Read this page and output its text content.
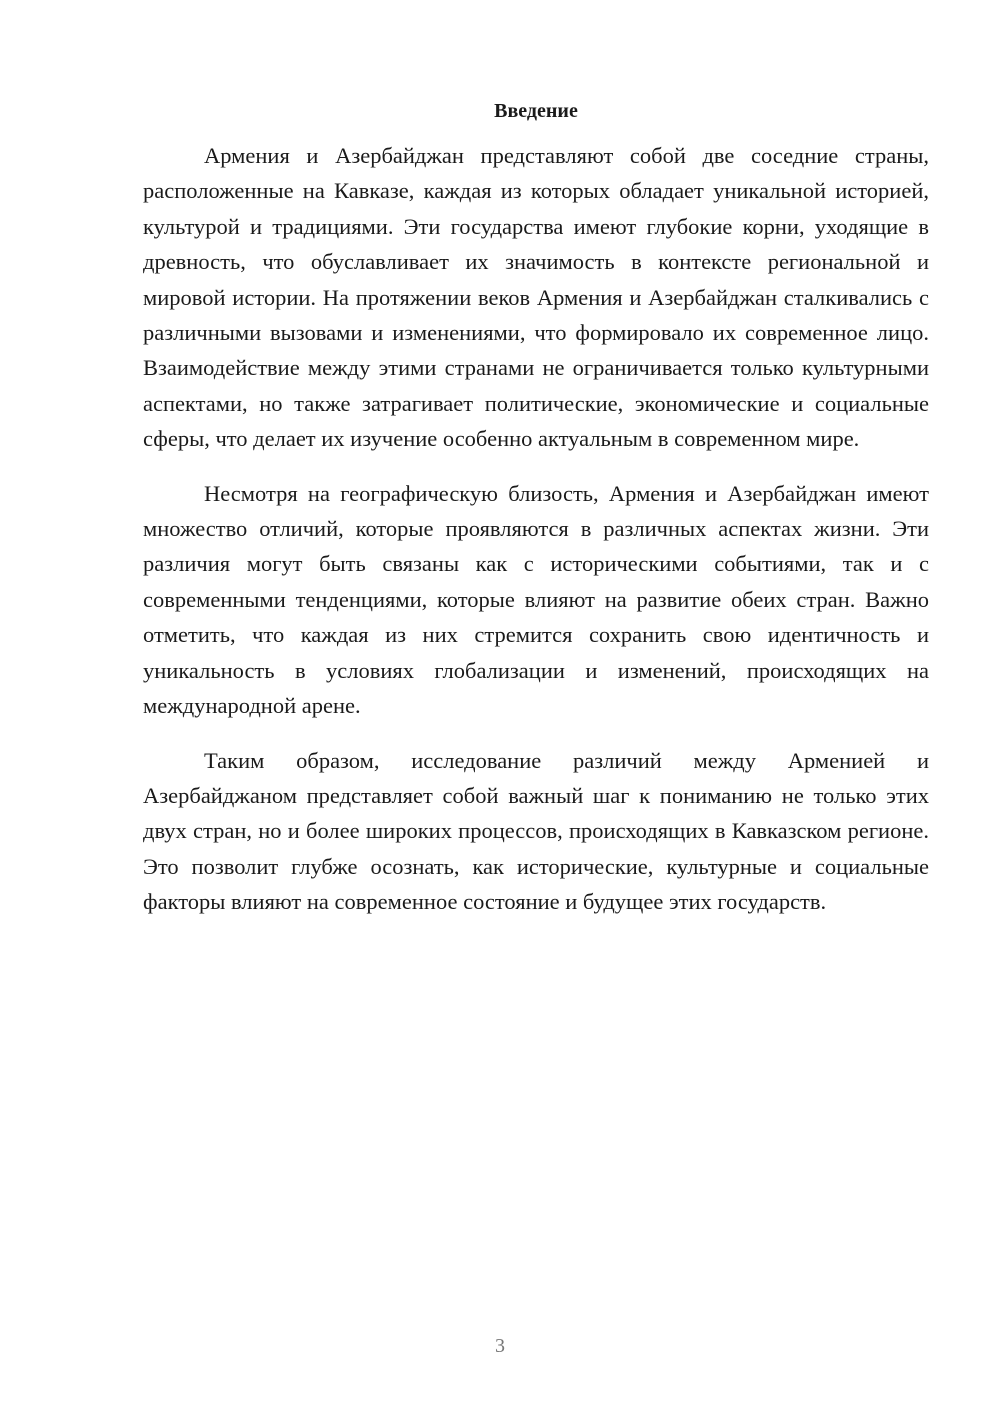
Введение

Армения и Азербайджан представляют собой две соседние страны, расположенные на Кавказе, каждая из которых обладает уникальной историей, культурой и традициями. Эти государства имеют глубокие корни, уходящие в древность, что обуславливает их значимость в контексте региональной и мировой истории. На протяжении веков Армения и Азербайджан сталкивались с различными вызовами и изменениями, что формировало их современное лицо. Взаимодействие между этими странами не ограничивается только культурными аспектами, но также затрагивает политические, экономические и социальные сферы, что делает их изучение особенно актуальным в современном мире.

Несмотря на географическую близость, Армения и Азербайджан имеют множество отличий, которые проявляются в различных аспектах жизни. Эти различия могут быть связаны как с историческими событиями, так и с современными тенденциями, которые влияют на развитие обеих стран. Важно отметить, что каждая из них стремится сохранить свою идентичность и уникальность в условиях глобализации и изменений, происходящих на международной арене.

Таким образом, исследование различий между Арменией и Азербайджаном представляет собой важный шаг к пониманию не только этих двух стран, но и более широких процессов, происходящих в Кавказском регионе. Это позволит глубже осознать, как исторические, культурные и социальные факторы влияют на современное состояние и будущее этих государств.

3
